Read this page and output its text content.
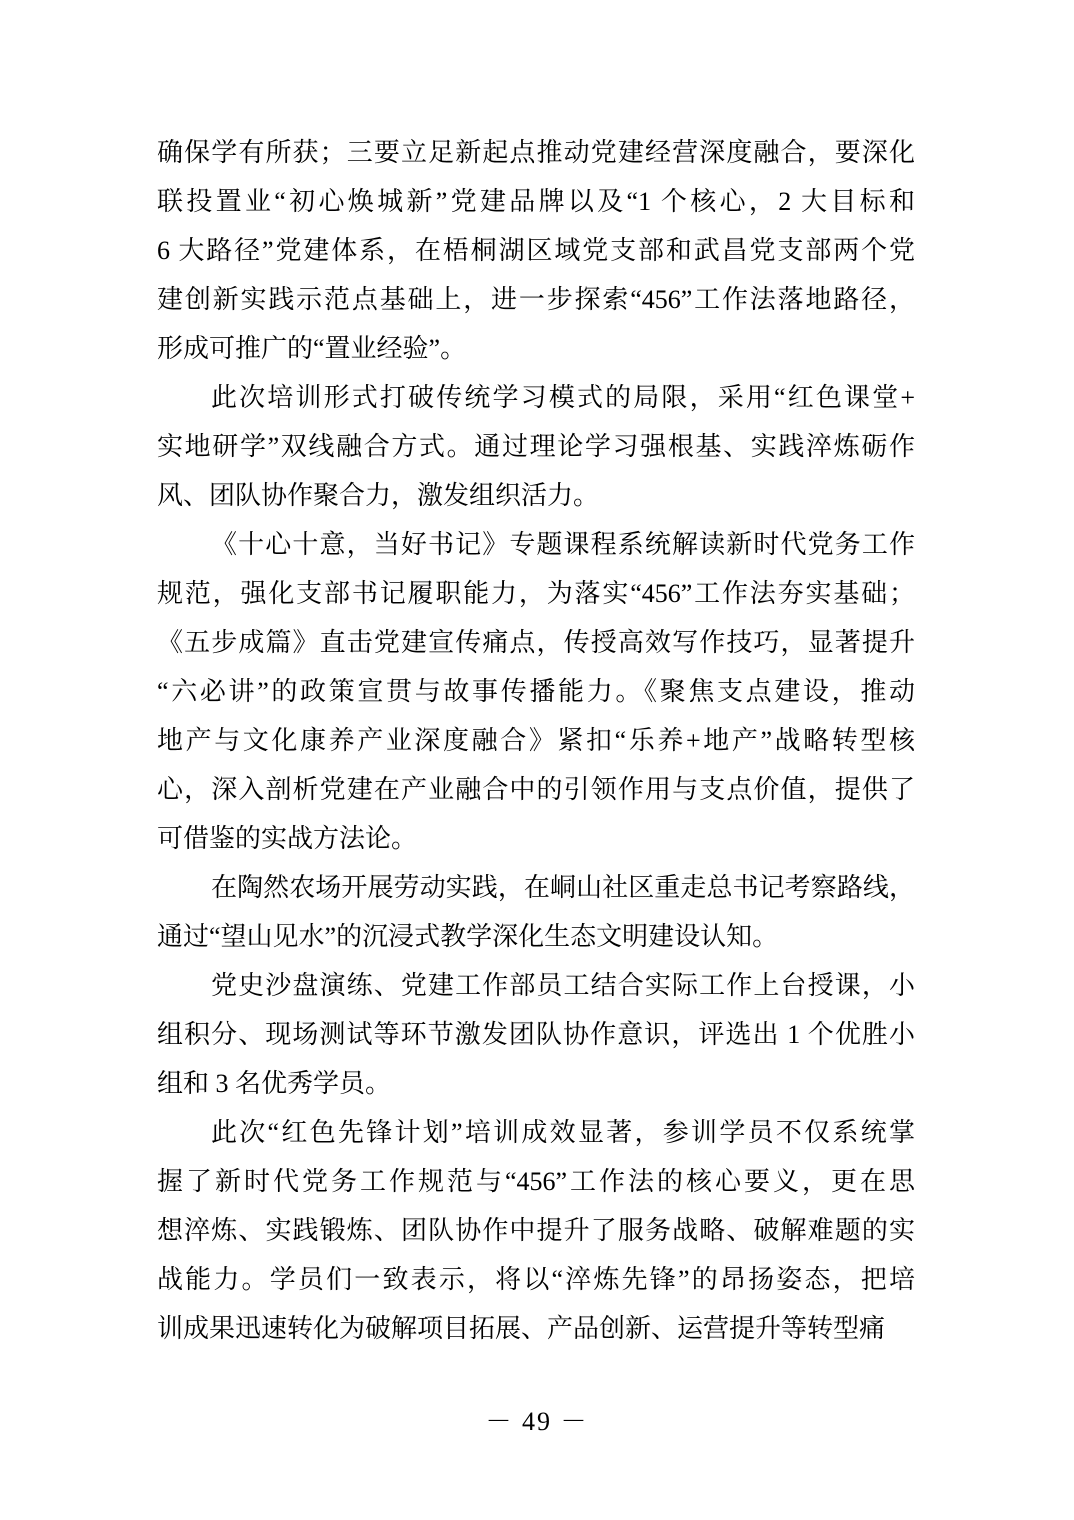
确保学有所获；三要立足新起点推动党建经营深度融合，要深化
联投置业“初心焕城新”党建品牌以及“1 个核心，2 大目标和
6 大路径”党建体系，在梧桐湖区域党支部和武昌党支部两个党
建创新实践示范点基础上，进一步探索“456”工作法落地路径，
形成可推广的“置业经验”。
此次培训形式打破传统学习模式的局限，采用“红色课堂+
实地研学”双线融合方式。通过理论学习强根基、实践淬炼砺作
风、团队协作聚合力，激发组织活力。
《十心十意，当好书记》专题课程系统解读新时代党务工作
规范，强化支部书记履职能力，为落实“456”工作法夯实基础；
《五步成篇》直击党建宣传痛点，传授高效写作技巧，显著提升
“六必讲”的政策宣贯与故事传播能力。《聚焦支点建设，推动
地产与文化康养产业深度融合》紧扣“乐养+地产”战略转型核
心，深入剖析党建在产业融合中的引领作用与支点价值，提供了
可借鉴的实战方法论。
在陶然农场开展劳动实践，在峒山社区重走总书记考察路线，
通过“望山见水”的沉浸式教学深化生态文明建设认知。
党史沙盘演练、党建工作部员工结合实际工作上台授课，小
组积分、现场测试等环节激发团队协作意识，评选出 1 个优胜小
组和 3 名优秀学员。
此次“红色先锋计划”培训成效显著，参训学员不仅系统掌
握了新时代党务工作规范与“456”工作法的核心要义，更在思
想淬炼、实践锻炼、团队协作中提升了服务战略、破解难题的实
战能力。学员们一致表示，将以“淬炼先锋”的昂扬姿态，把培
训成果迅速转化为破解项目拓展、产品创新、运营提升等转型痛
－ 49 －
